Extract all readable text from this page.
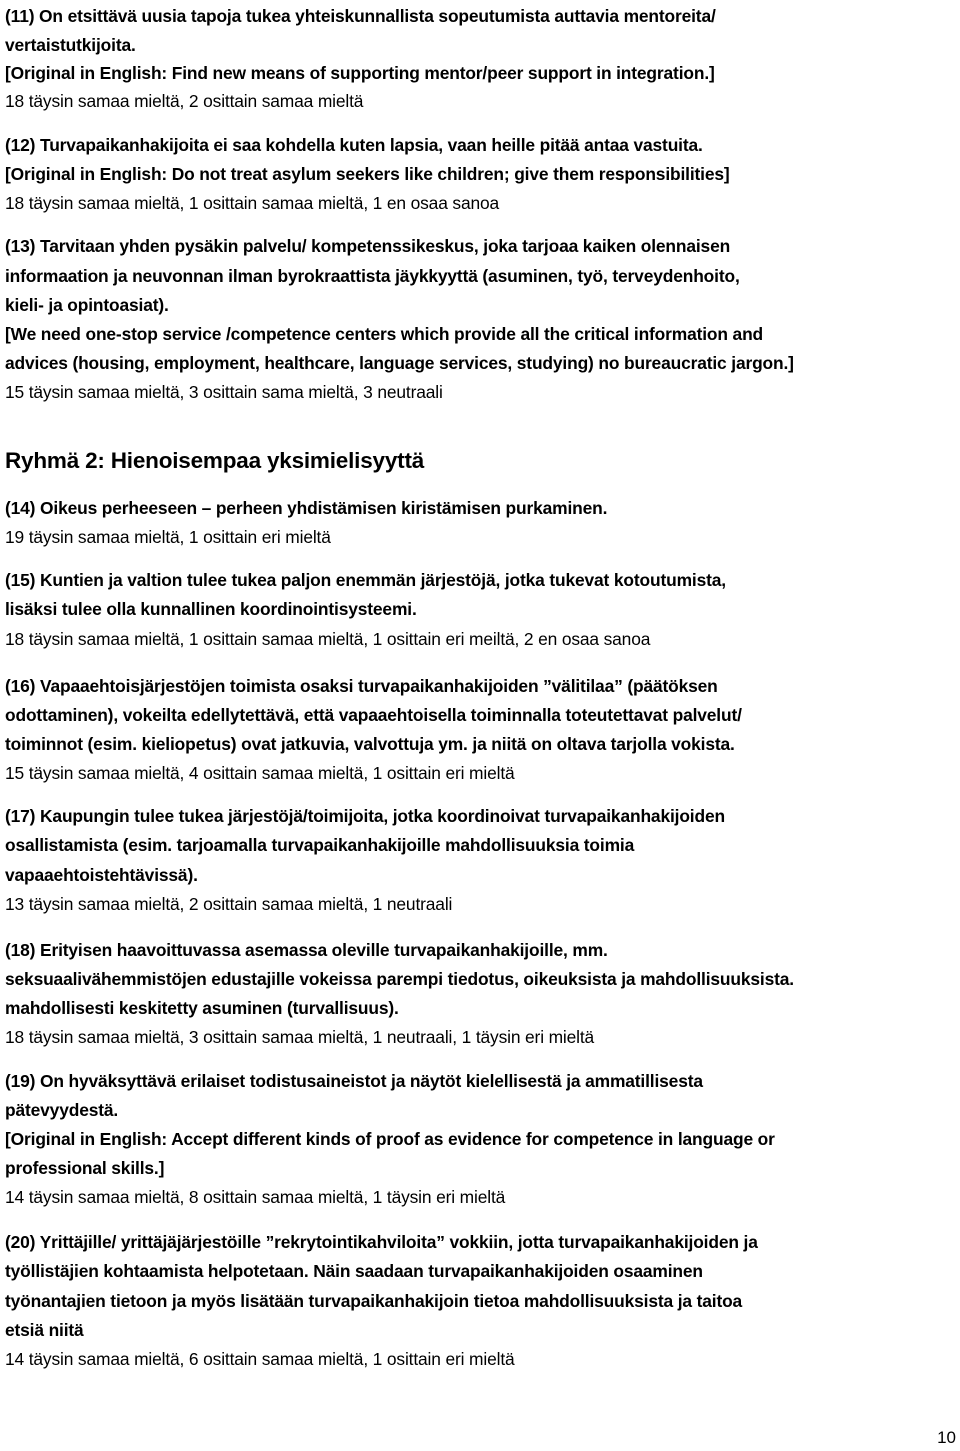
(11) On etsittävä uusia tapoja tukea yhteiskunnallista sopeutumista auttavia mentoreita/
vertaistutkijoita.
[Original in English: Find new means of supporting mentor/peer support in integration.]
18 täysin samaa mieltä, 2 osittain samaa mieltä
(12) Turvapaikanhakijoita ei saa kohdella kuten lapsia, vaan heille pitää antaa vastuita.
[Original in English: Do not treat asylum seekers like children; give them responsibilities]
18 täysin samaa mieltä, 1 osittain samaa mieltä, 1 en osaa sanoa
(13) Tarvitaan yhden pysäkin palvelu/ kompetenssikeskus, joka tarjoaa kaiken olennaisen
informaation ja neuvonnan ilman byrokraattista jäykkyyttä (asuminen, työ, terveydenhoito,
kieli- ja opintoasiat).
[We need one-stop service /competence centers which provide all the critical information and
advices (housing, employment, healthcare, language services, studying) no bureaucratic jargon.]
15 täysin samaa mieltä, 3 osittain sama mieltä, 3 neutraali
Ryhmä 2: Hienoisempaa yksimielisyyttä
(14) Oikeus perheeseen – perheen yhdistämisen kiristämisen purkaminen.
19 täysin samaa mieltä, 1 osittain eri mieltä
(15) Kuntien ja valtion tulee tukea paljon enemmän järjestöjä, jotka tukevat kotoutumista,
lisäksi tulee olla kunnallinen koordinointisysteemi.
18 täysin samaa mieltä, 1 osittain samaa mieltä, 1 osittain eri meiltä, 2 en osaa sanoa
(16) Vapaaehtoisjärjestöjen toimista osaksi turvapaikanhakijoiden ”välitilaa” (päätöksen
odottaminen), vokeilta edellytettävä, että vapaaehtoisella toiminnalla toteutettavat palvelut/
toiminnot (esim. kieliopetus) ovat jatkuvia, valvottuja ym. ja niitä on oltava tarjolla vokista.
15 täysin samaa mieltä, 4 osittain samaa mieltä, 1 osittain eri mieltä
(17) Kaupungin tulee tukea järjestöjä/toimijoita, jotka koordinoivat turvapaikanhakijoiden
osallistamista (esim. tarjoamalla turvapaikanhakijoille mahdollisuuksia toimia
vapaaehtoistehtävissä).
13 täysin samaa mieltä, 2 osittain samaa mieltä, 1 neutraali
(18) Erityisen haavoittuvassa asemassa oleville turvapaikanhakijoille, mm.
seksuaalivähemmistöjen edustajille vokeissa parempi tiedotus, oikeuksista ja mahdollisuuksista.
mahdollisesti keskitetty asuminen (turvallisuus).
18 täysin samaa mieltä, 3 osittain samaa mieltä, 1 neutraali, 1 täysin eri mieltä
(19) On hyväksyttävä erilaiset todistusaineistot ja näytöt kielellisestä ja ammatillisesta
pätevyydestä.
[Original in English: Accept different kinds of proof as evidence for competence in language or
professional skills.]
14 täysin samaa mieltä, 8 osittain samaa mieltä, 1 täysin eri mieltä
(20) Yrittäjille/ yrittäjäjärjestöille ”rekrytointikahviloita” vokkiin, jotta turvapaikanhakijoiden ja
työllistäjien kohtaamista helpotetaan. Näin saadaan turvapaikanhakijoiden osaaminen
työnantajien tietoon ja myös lisätään turvapaikanhakijoin tietoa mahdollisuuksista ja taitoa
etsiä niitä
14 täysin samaa mieltä, 6 osittain samaa mieltä, 1 osittain eri mieltä
10
